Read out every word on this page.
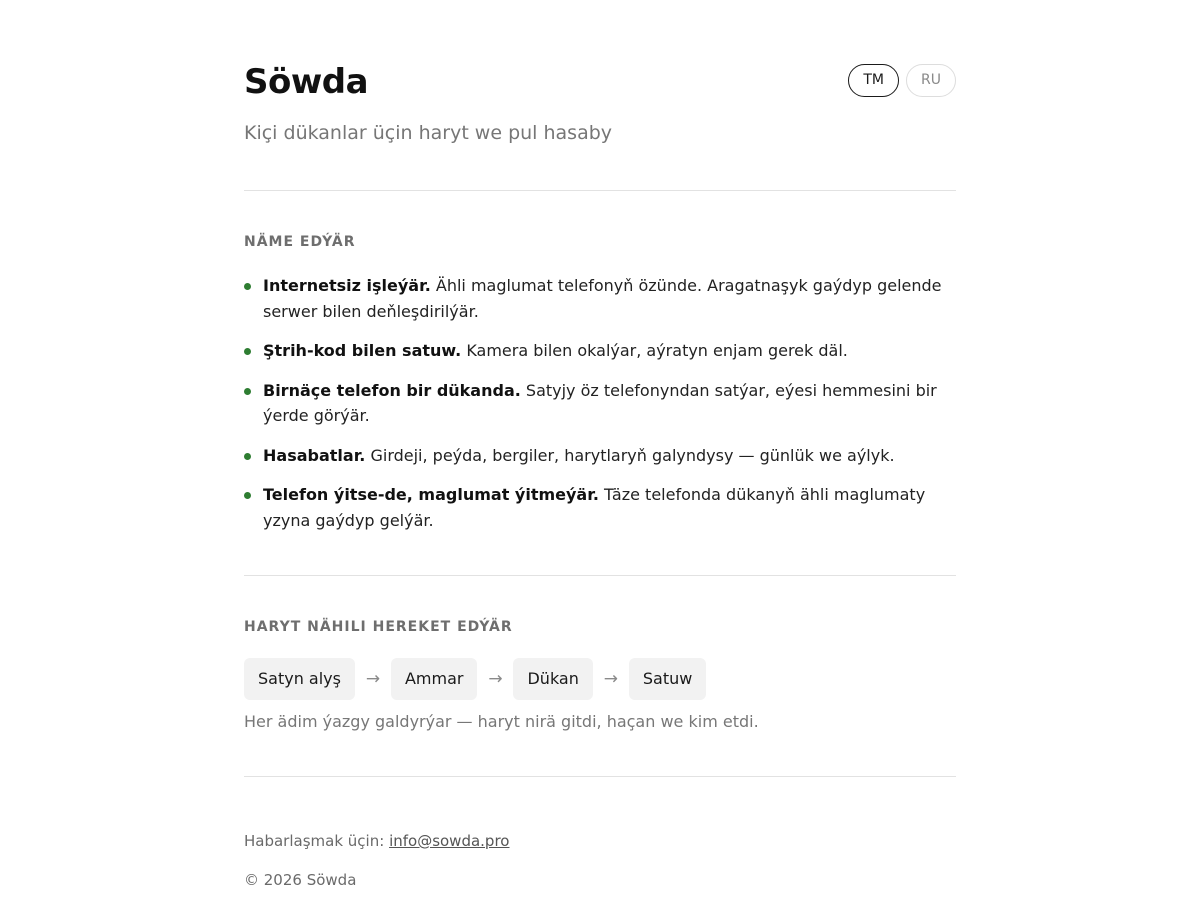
Söwda

Kiçi dükanlar üçin haryt we pul hasaby

TM	RU
NÄME EDÝÄR
Internetsiz işleýär. Ähli maglumat telefonyň özünde. Aragatnaşyk gaýdyp gelende serwer bilen deňleşdirilýär.
Ştrih-kod bilen satuw. Kamera bilen okalýar, aýratyn enjam gerek däl.
Birnäçe telefon bir dükanda. Satyjy öz telefonyndan satýar, eýesi hemmesini bir ýerde görýär.
Hasabatlar. Girdeji, peýda, bergiler, harytlaryň galyndysy — günlük we aýlyk.
Telefon ýitse-de, maglumat ýitmeýär. Täze telefonda dükanyň ähli maglumaty yzyna gaýdyp gelýär.
HARYT NÄHILI HEREKET EDÝÄR
Satyn alyş	→	Ammar	→	Dükan	→	Satuw

Her ädim ýazgy galdyrýar — haryt nirä gitdi, haçan we kim etdi.

Habarlaşmak üçin: info@sowda.pro

© 2026 Söwda
